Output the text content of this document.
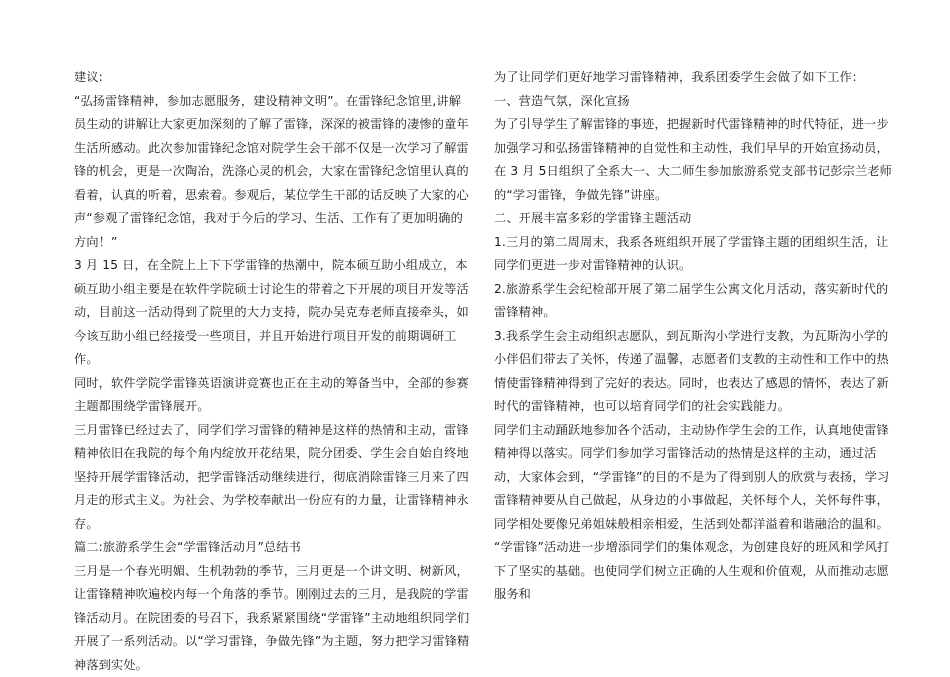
建议:

“弘扬雷锋精神，参加志愿服务，建设精神文明”。在雷锋纪念馆里,讲解员生动的讲解让大家更加深刻的了解了雷锋，深深的被雷锋的凄惨的童年生活所感动。此次参加雷锋纪念馆对院学生会干部不仅是一次学习了解雷锋的机会，更是一次陶冶，洗涤心灵的机会，大家在雷锋纪念馆里认真的看着，认真的听着，思索着。参观后，某位学生干部的话反映了大家的心声“参观了雷锋纪念馆，我对于今后的学习、生活、工作有了更加明确的方向！”

3 月 15 日，在全院上上下下学雷锋的热潮中，院本硕互助小组成立，本硕互助小组主要是在软件学院硕士讨论生的带着之下开展的项目开发等活动，目前这一活动得到了院里的大力支持，院办吴克寿老师直接牵头，如今该互助小组已经接受一些项目，并且开始进行项目开发的前期调研工作。

同时，软件学院学雷锋英语演讲竞赛也正在主动的筹备当中，全部的参赛主题都围绕学雷锋展开。

三月雷锋已经过去了，同学们学习雷锋的精神是这样的热情和主动，雷锋精神依旧在我院的每个角内绽放开花结果，院分团委、学生会自始自终地坚持开展学雷锋活动，把学雷锋活动继续进行，彻底消除雷锋三月来了四月走的形式主义。为社会、为学校奉献出一份应有的力量，让雷锋精神永存。

篇二:旅游系学生会“学雷锋活动月”总结书

三月是一个春光明媚、生机勃勃的季节，三月更是一个讲文明、树新风，让雷锋精神吹遍校内每一个角落的季节。刚刚过去的三月，是我院的学雷锋活动月。在院团委的号召下，我系紧紧围绕“学雷锋”主动地组织同学们开展了一系列活动。以“学习雷锋，争做先锋”为主题，努力把学习雷锋精神落到实处。

为了让同学们更好地学习雷锋精神，我系团委学生会做了如下工作：

一、营造气氛，深化宣扬

为了引导学生了解雷锋的事迹，把握新时代雷锋精神的时代特征，进一步加强学习和弘扬雷锋精神的自觉性和主动性，我们早早的开始宣扬动员，在 3 月 5日组织了全系大一、大二师生参加旅游系党支部书记彭宗兰老师的“学习雷锋，争做先锋”讲座。

二、开展丰富多彩的学雷锋主题活动

1.三月的第二周周末，我系各班组织开展了学雷锋主题的团组织生活，让同学们更进一步对雷锋精神的认识。

2.旅游系学生会纪检部开展了第二届学生公寓文化月活动，落实新时代的雷锋精神。

3.我系学生会主动组织志愿队，到瓦斯沟小学进行支教，为瓦斯沟小学的小伴侣们带去了关怀，传递了温馨，志愿者们支教的主动性和工作中的热情使雷锋精神得到了完好的表达。同时，也表达了感恩的情怀，表达了新时代的雷锋精神，也可以培育同学们的社会实践能力。

同学们主动踊跃地参加各个活动，主动协作学生会的工作，认真地使雷锋精神得以落实。同学们参加学习雷锋活动的热情是这样的主动，通过活动，大家体会到，“学雷锋”的目的不是为了得到别人的欣赏与表扬，学习雷锋精神要从自己做起，从身边的小事做起，关怀每个人，关怀每件事，同学相处要像兄弟姐妹般相亲相爱，生活到处都洋溢着和谐融洽的温和。

“学雷锋”活动进一步增添同学们的集体观念，为创建良好的班风和学风打下了坚实的基础。也使同学们树立正确的人生观和价值观，从而推动志愿服务和
